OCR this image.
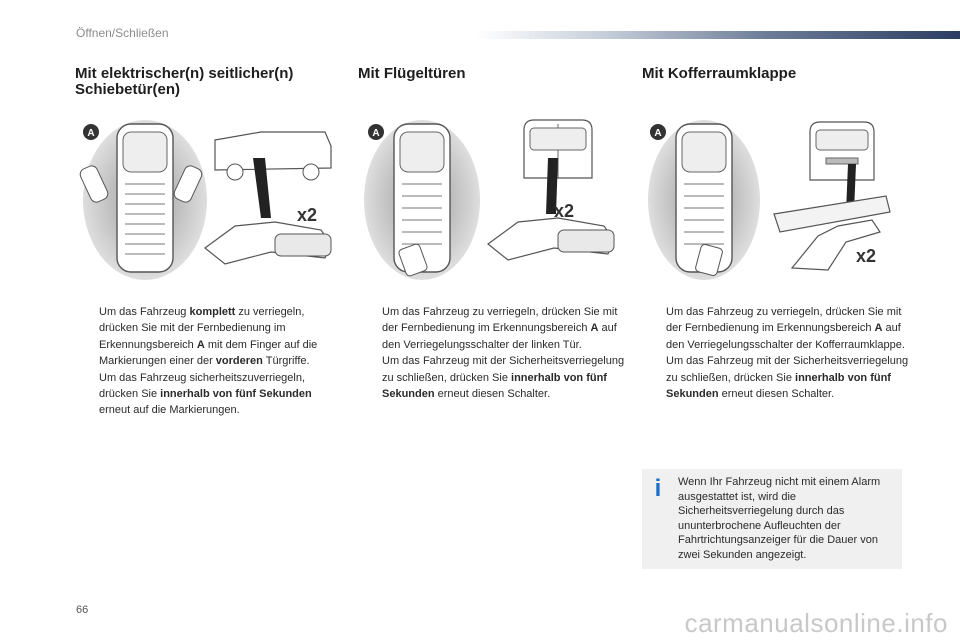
Öffnen/Schließen
Mit elektrischer(n) seitlicher(n) Schiebetür(en)
A
x2

Um das Fahrzeug komplett zu verriegeln, drücken Sie mit der Fernbedienung im Erkennungsbereich A mit dem Finger auf die Markierungen einer der vorderen Türgriffe.

Um das Fahrzeug sicherheitszuverriegeln, drücken Sie innerhalb von fünf Sekunden erneut auf die Markierungen.

Mit Flügeltüren
A
x2

Um das Fahrzeug zu verriegeln, drücken Sie mit der Fernbedienung im Erkennungsbereich A auf den Verriegelungsschalter der linken Tür.

Um das Fahrzeug mit der Sicherheitsverriegelung zu schließen, drücken Sie innerhalb von fünf Sekunden erneut diesen Schalter.

Mit Kofferraumklappe
A
x2

Um das Fahrzeug zu verriegeln, drücken Sie mit der Fernbedienung im Erkennungsbereich A auf den Verriegelungsschalter der Kofferraumklappe.

Um das Fahrzeug mit der Sicherheitsverriegelung zu schließen, drücken Sie innerhalb von fünf Sekunden erneut diesen Schalter.

i Wenn Ihr Fahrzeug nicht mit einem Alarm ausgestattet ist, wird die Sicherheitsverriegelung durch das ununterbrochene Aufleuchten der Fahrtrichtungsanzeiger für die Dauer von zwei Sekunden angezeigt.
66	carmanualsonline.info
